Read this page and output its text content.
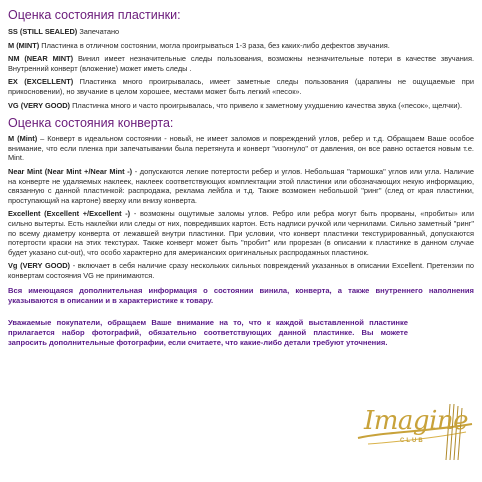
Оценка состояния пластинки:

SS (STILL SEALED) Запечатано

M (MINT) Пластинка в отличном состоянии, могла проигрываться 1-3 раза, без каких-либо дефектов звучания.

NM (NEAR MINT) Винил имеет незначительные следы пользования, возможны незначительные потери в качестве звучания. Внутренний конверт (вложение) может иметь следы .

EX (EXCELLENT) Пластинка много проигрывалась, имеет заметные следы пользования (царапины не ощущаемые при прикосновении), но звучание в целом хорошее, местами может быть легкий «песок».

VG (VERY GOOD) Пластинка много и часто проигрывалась, что привело к заметному ухудшению качества звука («песок», щелчки).

Оценка состояния конверта:

M (Mint) – Конверт в идеальном состоянии - новый, не имеет заломов и повреждений углов, ребер и т.д. Обращаем Ваше особое внимание, что если пленка при запечатывании была перетянута и конверт "изогнуло" от давления, он все равно остается новым т.е. Mint.

Near Mint (Near Mint +/Near Mint -) - допускаются легкие потертости ребер и углов. Небольшая "гармошка" углов или угла. Наличие на конверте не удаляемых наклеек, наклеек соответствующих комплектации этой пластинки или обозначающих некую информацию, связанную с данной пластинкой: распродажа, реклама лейбла и т.д. Также возможен небольшой "ринг" (след от края пластинки, проступающий на картоне) вверху или внизу конверта.

Excellent (Excellent +/Excellent -) - возможны ощутимые заломы углов. Ребро или ребра могут быть прорваны, «пробиты» или сильно вытерты. Есть наклейки или следы от них, повредивших картон. Есть надписи ручкой или чернилами. Сильно заметный "ринг" по всему диаметру конверта от лежавшей внутри пластинки. При условии, что конверт пластинки текстурированный, допускаются потертости краски на этих текстурах. Также конверт может быть "пробит" или прорезан (в описании к пластинке в данном случае будет указано cut-out), что особо характерно для американских оригинальных распродажных пластинок.

Vg (VERY GOOD) - включает в себя наличие сразу нескольких сильных повреждений указанных в описании Excellent. Претензии по конвертам состояния VG не принимаются.

Вся имеющаяся дополнительная информация о состоянии винила, конверта, а также внутреннего наполнения указываются в описании и в характеристике к товару.

Уважаемые покупатели, обращаем Ваше внимание на то, что к каждой выставленной пластинке прилагается набор фотографий, обязательно соответствующих данной пластинке. Вы можете запросить дополнительные фотографии, если считаете, что какие-либо детали требуют уточнения.

Imagine
CLUB
